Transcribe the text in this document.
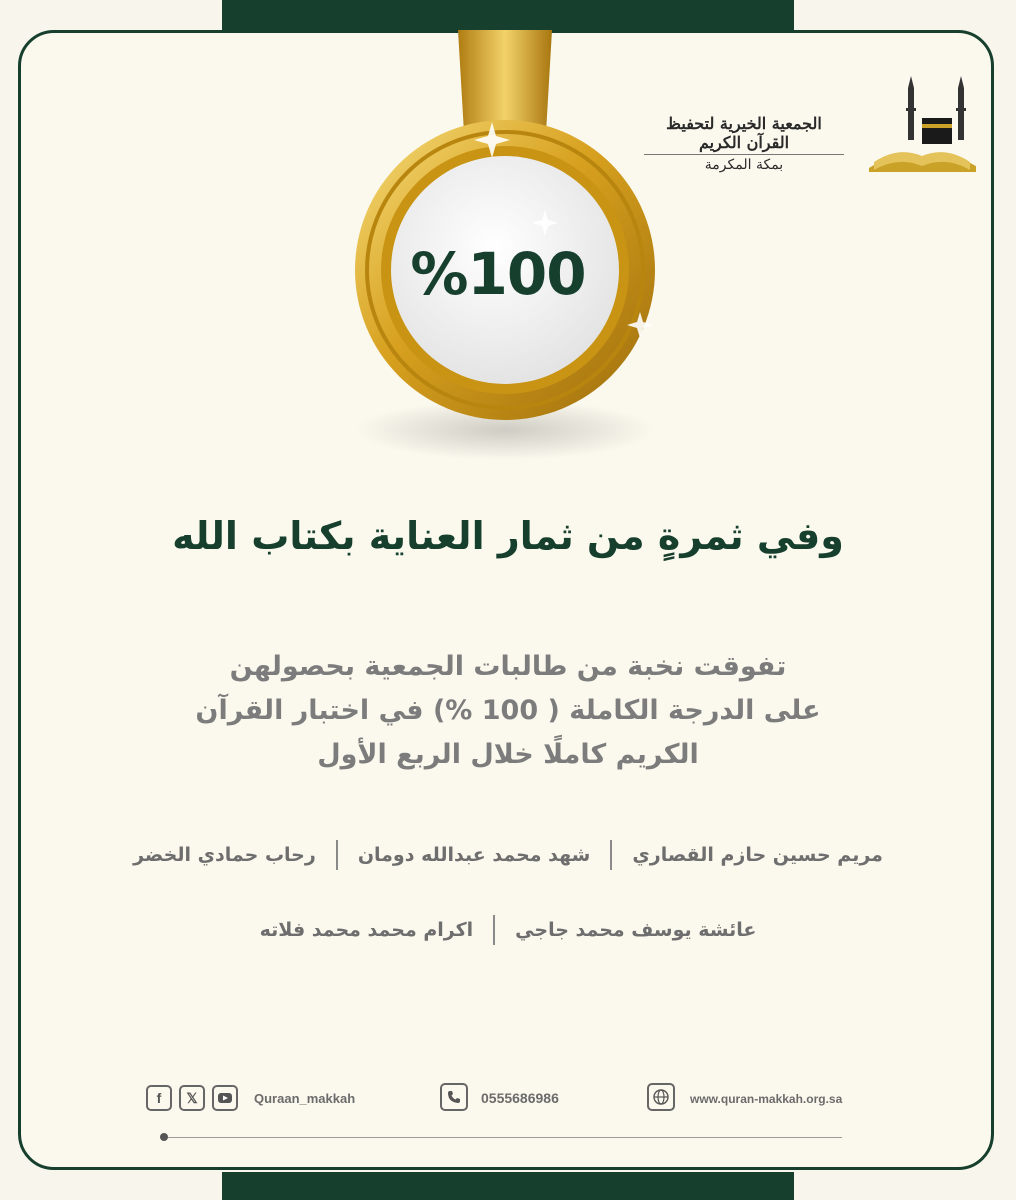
الجمعية الخيرية لتحفيظ القرآن الكريم
بمكة المكرمة
%100
وفي ثمرةٍ من ثمار العناية بكتاب الله
تفوقت نخبة من طالبات الجمعية بحصولهن
على الدرجة الكاملة ( 100 %) في اختبار القرآن
الكريم كاملًا خلال الربع الأول
مريم حسين حازم القصاري
شهد محمد عبدالله دومان
رحاب حمادي الخضر
عائشة يوسف محمد جاجي
اكرام محمد محمد فلاته
f	𝕏	Quraan_makkah	0555686986	www.quran-makkah.org.sa
